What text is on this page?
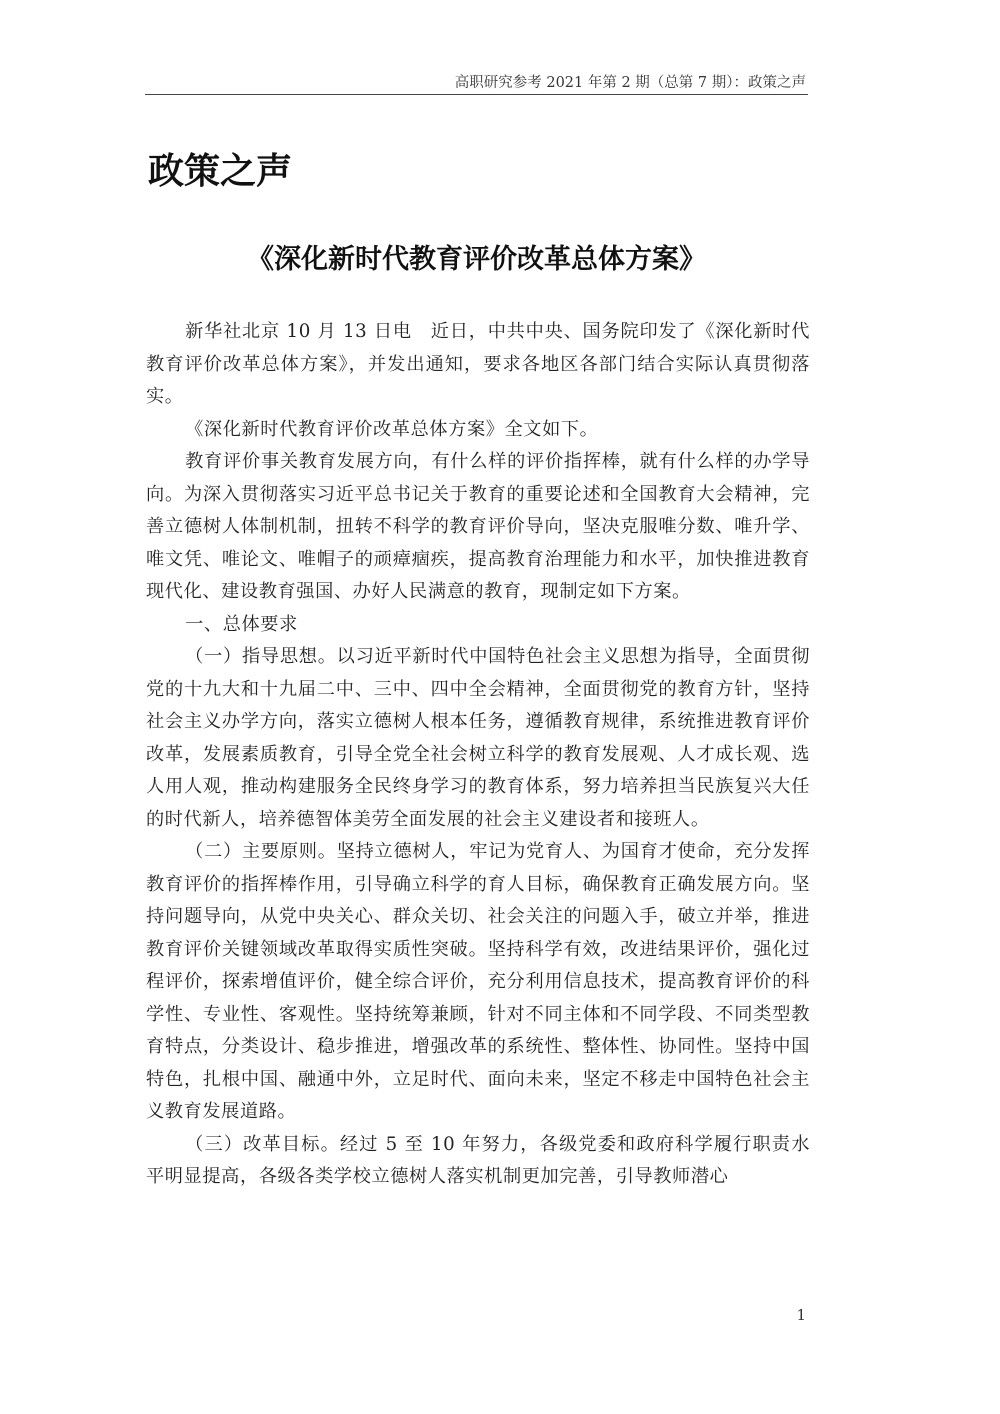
高职研究参考 2021 年第 2 期（总第 7 期）：政策之声
政策之声
《深化新时代教育评价改革总体方案》

新华社北京 10 月 13 日电　近日，中共中央、国务院印发了《深化新时代教育评价改革总体方案》，并发出通知，要求各地区各部门结合实际认真贯彻落实。

《深化新时代教育评价改革总体方案》全文如下。

教育评价事关教育发展方向，有什么样的评价指挥棒，就有什么样的办学导向。为深入贯彻落实习近平总书记关于教育的重要论述和全国教育大会精神，完善立德树人体制机制，扭转不科学的教育评价导向，坚决克服唯分数、唯升学、唯文凭、唯论文、唯帽子的顽瘴痼疾，提高教育治理能力和水平，加快推进教育现代化、建设教育强国、办好人民满意的教育，现制定如下方案。

一、总体要求

（一）指导思想。以习近平新时代中国特色社会主义思想为指导，全面贯彻党的十九大和十九届二中、三中、四中全会精神，全面贯彻党的教育方针，坚持社会主义办学方向，落实立德树人根本任务，遵循教育规律，系统推进教育评价改革，发展素质教育，引导全党全社会树立科学的教育发展观、人才成长观、选人用人观，推动构建服务全民终身学习的教育体系，努力培养担当民族复兴大任的时代新人，培养德智体美劳全面发展的社会主义建设者和接班人。

（二）主要原则。坚持立德树人，牢记为党育人、为国育才使命，充分发挥教育评价的指挥棒作用，引导确立科学的育人目标，确保教育正确发展方向。坚持问题导向，从党中央关心、群众关切、社会关注的问题入手，破立并举，推进教育评价关键领域改革取得实质性突破。坚持科学有效，改进结果评价，强化过程评价，探索增值评价，健全综合评价，充分利用信息技术，提高教育评价的科学性、专业性、客观性。坚持统筹兼顾，针对不同主体和不同学段、不同类型教育特点，分类设计、稳步推进，增强改革的系统性、整体性、协同性。坚持中国特色，扎根中国、融通中外，立足时代、面向未来，坚定不移走中国特色社会主义教育发展道路。

（三）改革目标。经过 5 至 10 年努力，各级党委和政府科学履行职责水平明显提高，各级各类学校立德树人落实机制更加完善，引导教师潜心

1
